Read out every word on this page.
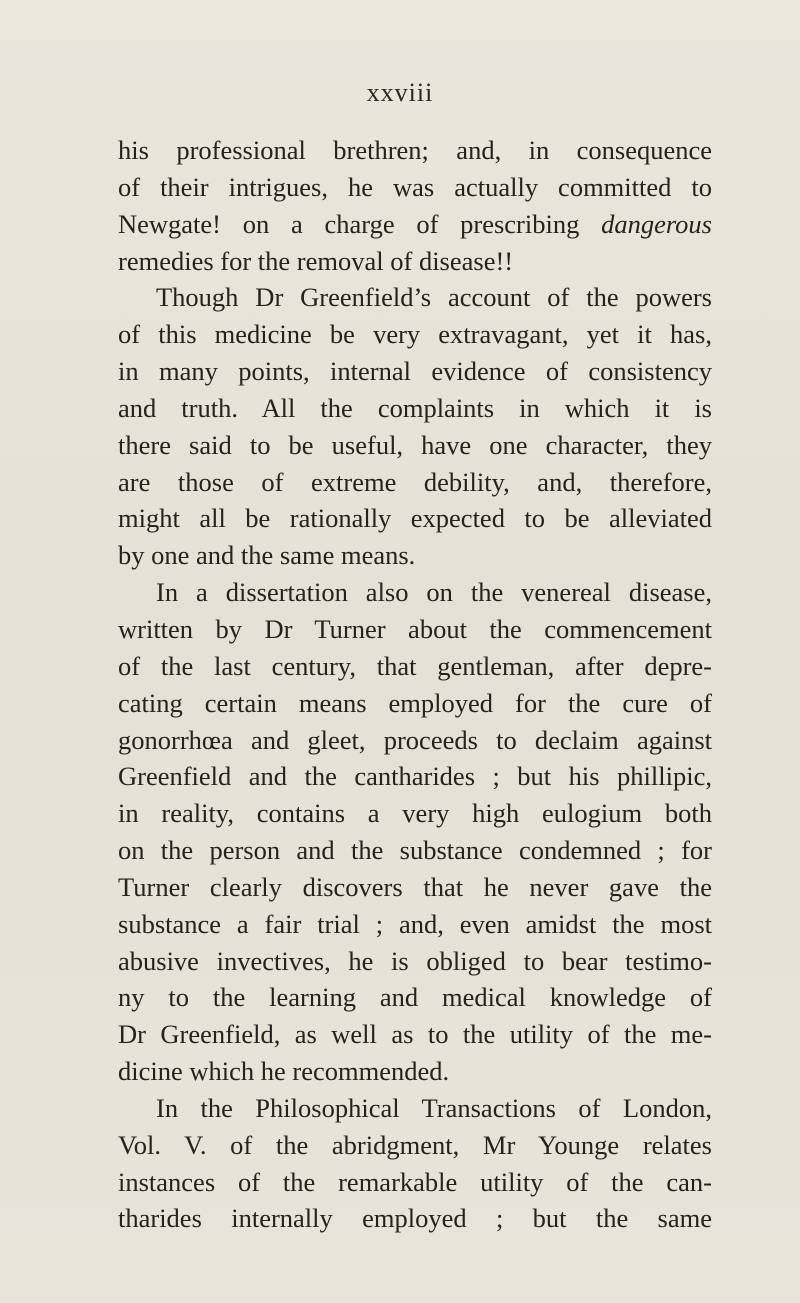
xxviii
his professional brethren; and, in consequence
of their intrigues, he was actually committed to
Newgate! on a charge of prescribing dangerous
remedies for the removal of disease!!
Though Dr Greenfield’s account of the powers
of this medicine be very extravagant, yet it has,
in many points, internal evidence of consistency
and truth. All the complaints in which it is
there said to be useful, have one character, they
are those of extreme debility, and, therefore,
might all be rationally expected to be alleviated
by one and the same means.
In a dissertation also on the venereal disease,
written by Dr Turner about the commencement
of the last century, that gentleman, after depre-
cating certain means employed for the cure of
gonorrhœa and gleet, proceeds to declaim against
Greenfield and the cantharides ; but his phillipic,
in reality, contains a very high eulogium both
on the person and the substance condemned ; for
Turner clearly discovers that he never gave the
substance a fair trial ; and, even amidst the most
abusive invectives, he is obliged to bear testimo-
ny to the learning and medical knowledge of
Dr Greenfield, as well as to the utility of the me-
dicine which he recommended.
In the Philosophical Transactions of London,
Vol. V. of the abridgment, Mr Younge relates
instances of the remarkable utility of the can-
tharides internally employed ; but the same
